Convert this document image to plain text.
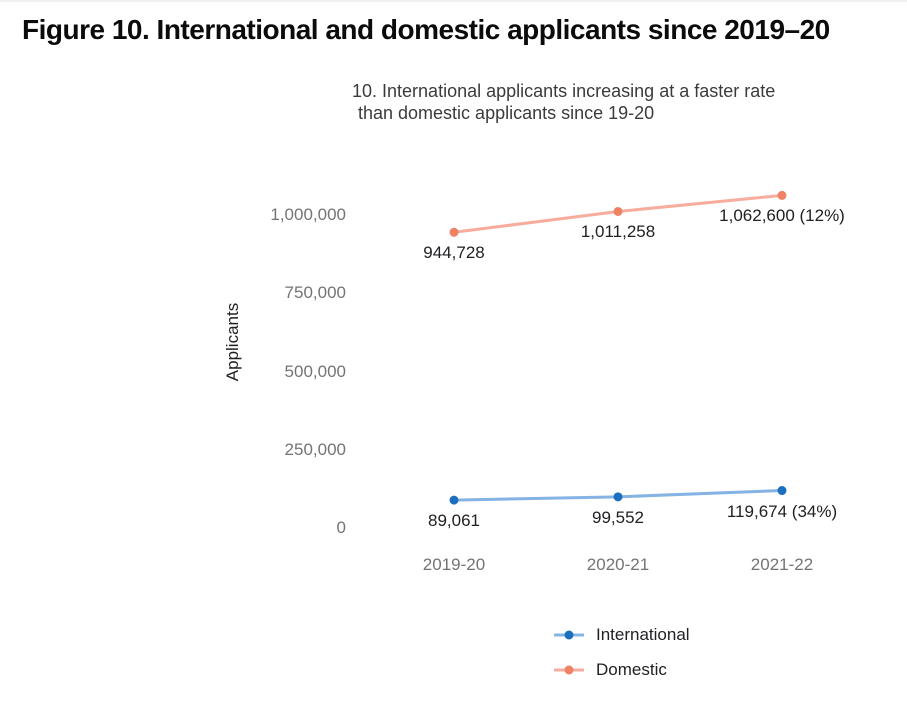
Figure 10. International and domestic applicants since 2019–20
10. International applicants increasing at a faster rate
than domestic applicants since 19-20
Applicants
0
250,000
500,000
750,000
1,000,000
89,061	99,552	119,674 (34%)
944,728
1,011,258
1,062,600 (12%)
2019-20	2020-21	2021-22
International
Domestic
